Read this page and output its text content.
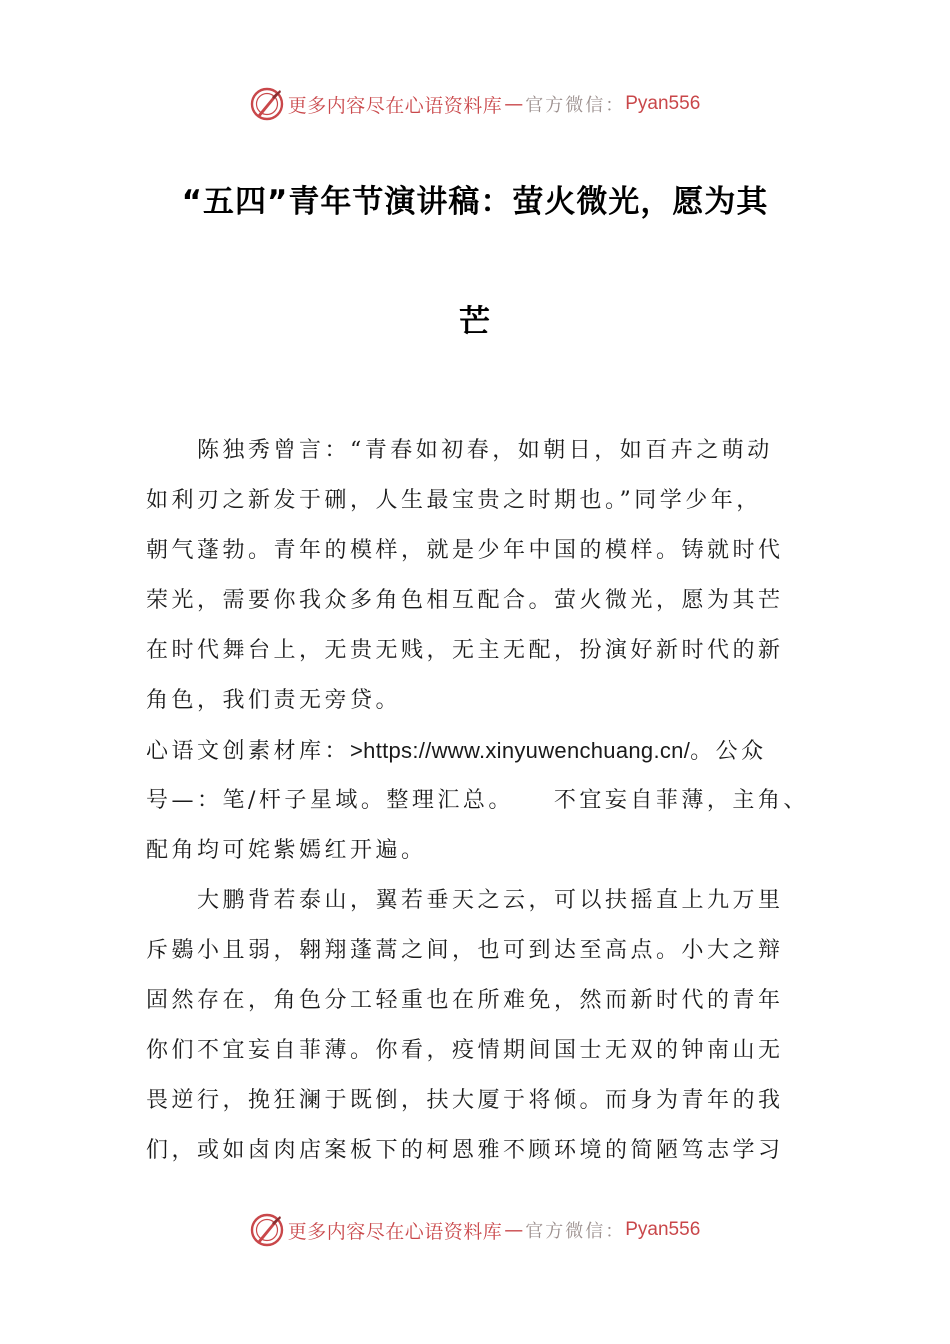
更多内容尽在心语资料库 — 官方微信： Pyan556
“五四”青年节演讲稿：萤火微光，愿为其
芒
陈独秀曾言：“青春如初春，如朝日，如百卉之萌动
如利刃之新发于硎，人生最宝贵之时期也。”同学少年，
朝气蓬勃。青年的模样，就是少年中国的模样。铸就时代
荣光，需要你我众多角色相互配合。萤火微光，愿为其芒
在时代舞台上，无贵无贱，无主无配，扮演好新时代的新
角色，我们责无旁贷。
心语文创素材库：>https://www.xinyuwenchuang.cn/。公众
号—：笔/杆子星域。整理汇总。　　不宜妄自菲薄，主角、
配角均可姹紫嫣红开遍。
大鹏背若泰山，翼若垂天之云，可以扶摇直上九万里
斥鷃小且弱，翱翔蓬蒿之间，也可到达至高点。小大之辩
固然存在，角色分工轻重也在所难免，然而新时代的青年
你们不宜妄自菲薄。你看，疫情期间国士无双的钟南山无
畏逆行，挽狂澜于既倒，扶大厦于将倾。而身为青年的我
们，或如卤肉店案板下的柯恩雅不顾环境的简陋笃志学习
更多内容尽在心语资料库 — 官方微信： Pyan556
